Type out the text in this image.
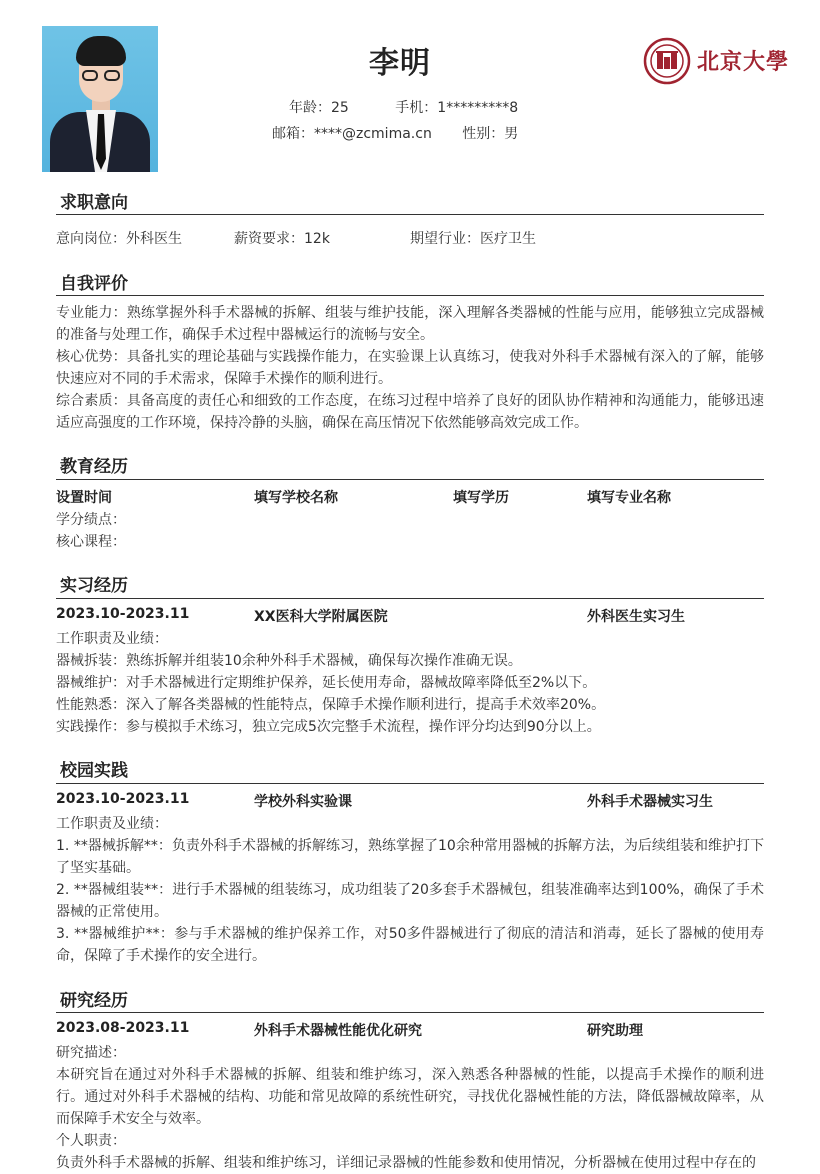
李明
年龄：25	手机：1*********8
邮箱：****@zcmima.cn 性别：男
北京大學
求职意向
意向岗位：外科医生	薪资要求：12k	期望行业：医疗卫生
自我评价
专业能力：熟练掌握外科手术器械的拆解、组装与维护技能，深入理解各类器械的性能与应用，能够独立完成器械的准备与处理工作，确保手术过程中器械运行的流畅与安全。
核心优势：具备扎实的理论基础与实践操作能力，在实验课上认真练习，使我对外科手术器械有深入的了解，能够快速应对不同的手术需求，保障手术操作的顺利进行。
综合素质：具备高度的责任心和细致的工作态度，在练习过程中培养了良好的团队协作精神和沟通能力，能够迅速适应高强度的工作环境，保持冷静的头脑，确保在高压情况下依然能够高效完成工作。
教育经历
设置时间	填写学校名称	填写学历	填写专业名称
学分绩点：
核心课程：
实习经历
2023.10-2023.11	XX医科大学附属医院	外科医生实习生
工作职责及业绩：
器械拆装：熟练拆解并组装10余种外科手术器械，确保每次操作准确无误。
器械维护：对手术器械进行定期维护保养，延长使用寿命，器械故障率降低至2%以下。
性能熟悉：深入了解各类器械的性能特点，保障手术操作顺利进行，提高手术效率20%。
实践操作：参与模拟手术练习，独立完成5次完整手术流程，操作评分均达到90分以上。
校园实践
2023.10-2023.11	学校外科实验课	外科手术器械实习生
工作职责及业绩：
1. **器械拆解**：负责外科手术器械的拆解练习，熟练掌握了10余种常用器械的拆解方法，为后续组装和维护打下了坚实基础。
2. **器械组装**：进行手术器械的组装练习，成功组装了20多套手术器械包，组装准确率达到100%，确保了手术器械的正常使用。
3. **器械维护**：参与手术器械的维护保养工作，对50多件器械进行了彻底的清洁和消毒，延长了器械的使用寿命，保障了手术操作的安全进行。
研究经历
2023.08-2023.11	外科手术器械性能优化研究	研究助理
研究描述：
本研究旨在通过对外科手术器械的拆解、组装和维护练习，深入熟悉各种器械的性能，以提高手术操作的顺利进行。通过对外科手术器械的结构、功能和常见故障的系统性研究，寻找优化器械性能的方法，降低器械故障率，从而保障手术安全与效率。
个人职责：
负责外科手术器械的拆解、组装和维护练习，详细记录器械的性能参数和使用情况，分析器械在使用过程中存在的
